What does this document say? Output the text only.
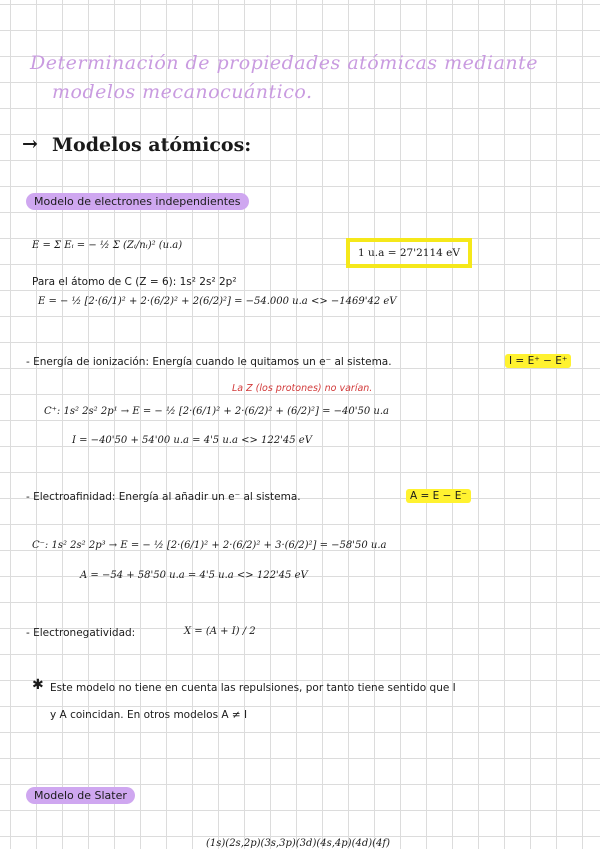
Determinación de propiedades atómicas mediante
modelos mecanocuántico.
→ Modelos atómicos:
Modelo de electrones independientes
E = Σ Eᵢ = − ½ Σ (Zᵢ/nᵢ)² (u.a)
1 u.a = 27'2114 eV
Para el átomo de C (Z = 6): 1s² 2s² 2p²
E = − ½ [2·(6/1)² + 2·(6/2)² + 2(6/2)²] = −54.000 u.a <> −1469'42 eV
- Energía de ionización: Energía cuando le quitamos un e⁻ al sistema.	I = E⁺ − E⁺
La Z (los protones) no varían.
C⁺: 1s² 2s² 2p¹ → E = − ½ [2·(6/1)² + 2·(6/2)² + (6/2)²] = −40'50 u.a
I = −40'50 + 54'00 u.a = 4'5 u.a <> 122'45 eV
- Electroafinidad: Energía al añadir un e⁻ al sistema.	A = E − E⁻
C⁻: 1s² 2s² 2p³ → E = − ½ [2·(6/1)² + 2·(6/2)² + 3·(6/2)²] = −58'50 u.a
A = −54 + 58'50 u.a = 4'5 u.a <> 122'45 eV
- Electronegatividad:	X = (A + I) / 2
✱ Este modelo no tiene en cuenta las repulsiones, por tanto tiene sentido que I
y A coincidan. En otros modelos A ≠ I
Modelo de Slater
(1s)(2s,2p)(3s,3p)(3d)(4s,4p)(4d)(4f)
